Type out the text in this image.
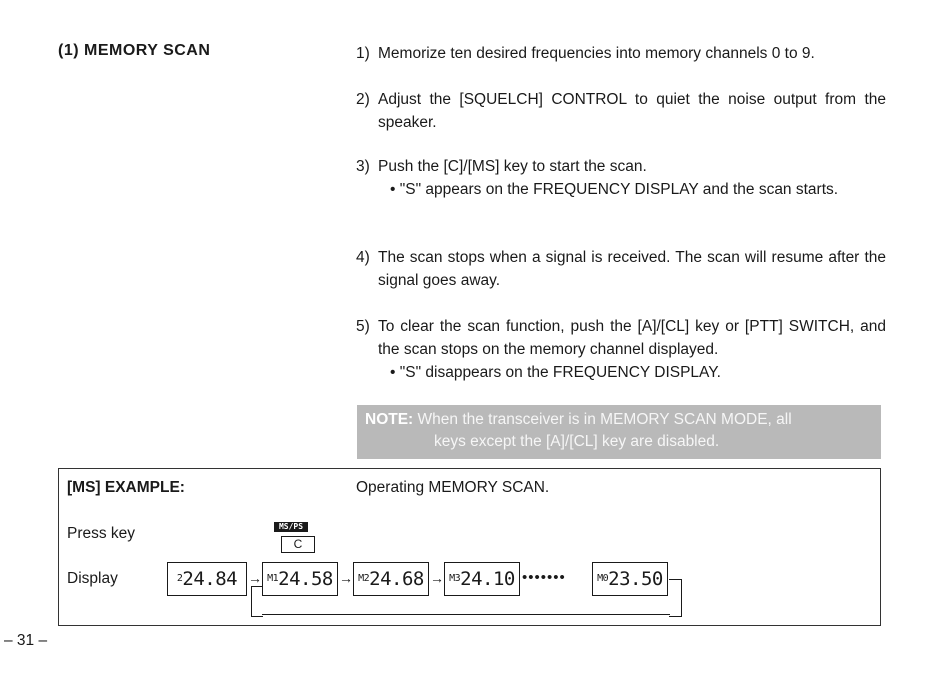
(1) MEMORY SCAN	1) Memorize ten desired frequencies into memory channels 0 to 9.
2) Adjust the [SQUELCH] CONTROL to quiet the noise output from the speaker.
3) Push the [C]/[MS] key to start the scan.
• "S" appears on the FREQUENCY DISPLAY and the scan starts.
4) The scan stops when a signal is received. The scan will resume after the signal goes away.
5) To clear the scan function, push the [A]/[CL] key or [PTT] SWITCH, and the scan stops on the memory channel displayed.
• "S" disappears on the FREQUENCY DISPLAY.
NOTE: When the transceiver is in MEMORY SCAN MODE, all
keys except the [A]/[CL] key are disabled.
[MS] EXAMPLE:	Operating MEMORY SCAN.
Press key
Display
MS/PS
C
$^2$24.84 → $^{M1}$24.58 → $^{M2}$24.68 → $^{M3}$24.10 •••••••	$^{M0}$23.50
– 31 –
